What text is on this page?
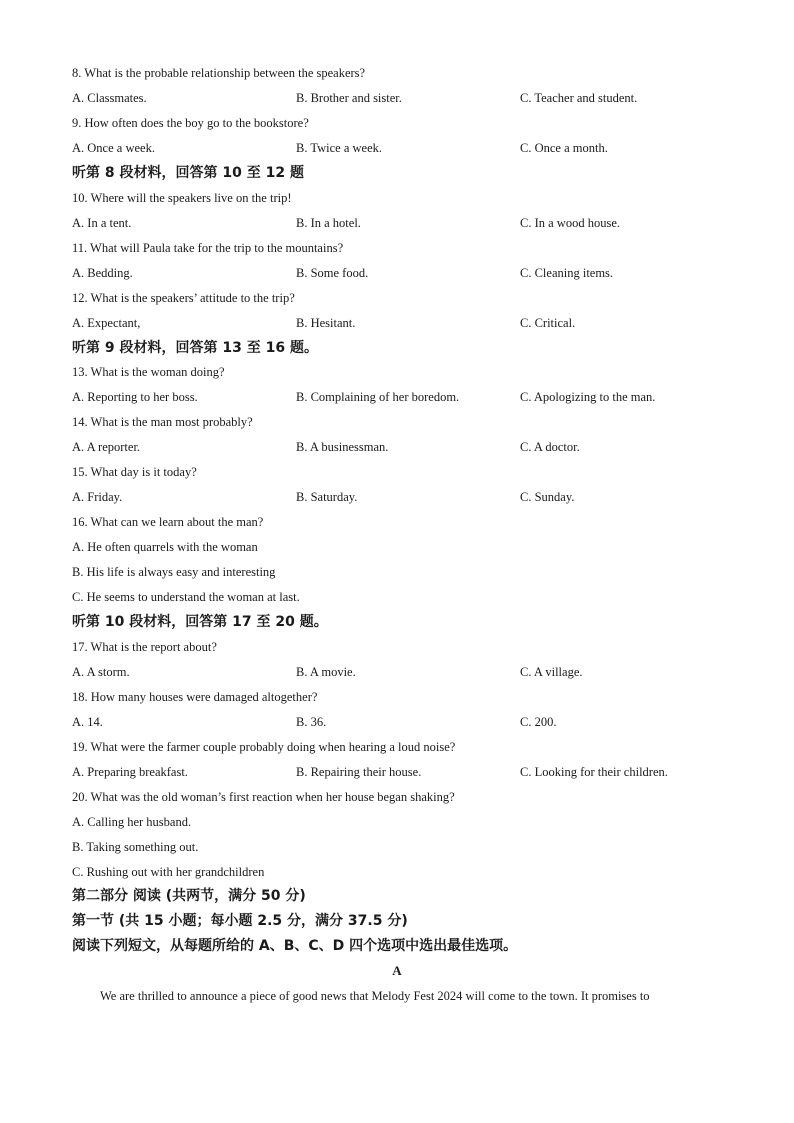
8. What is the probable relationship between the speakers?
A. Classmates.	B. Brother and sister.	C. Teacher and student.
9. How often does the boy go to the bookstore?
A. Once a week.	B. Twice a week.	C. Once a month.
听第 8 段材料，回答第 10 至 12 题
10. Where will the speakers live on the trip!
A. In a tent.	B. In a hotel.	C. In a wood house.
11. What will Paula take for the trip to the mountains?
A. Bedding.	B. Some food.	C. Cleaning items.
12. What is the speakers’ attitude to the trip?
A. Expectant,	B. Hesitant.	C. Critical.
听第 9 段材料，回答第 13 至 16 题。
13. What is the woman doing?
A. Reporting to her boss.	B. Complaining of her boredom.	C. Apologizing to the man.
14. What is the man most probably?
A. A reporter.	B. A businessman.	C. A doctor.
15. What day is it today?
A. Friday.	B. Saturday.	C. Sunday.
16. What can we learn about the man?
A. He often quarrels with the woman
B. His life is always easy and interesting
C. He seems to understand the woman at last.
听第 10 段材料，回答第 17 至 20 题。
17. What is the report about?
A. A storm.	B. A movie.	C. A village.
18. How many houses were damaged altogether?
A. 14.	B. 36.	C. 200.
19. What were the farmer couple probably doing when hearing a loud noise?
A. Preparing breakfast.	B. Repairing their house.	C. Looking for their children.
20. What was the old woman’s first reaction when her house began shaking?
A. Calling her husband.
B. Taking something out.
C. Rushing out with her grandchildren
第二部分 阅读 (共两节，满分 50 分)
第一节 (共 15 小题；每小题 2.5 分，满分 37.5 分)
阅读下列短文，从每题所给的 A、B、C、D 四个选项中选出最佳选项。
A
We are thrilled to announce a piece of good news that Melody Fest 2024 will come to the town. It promises to
